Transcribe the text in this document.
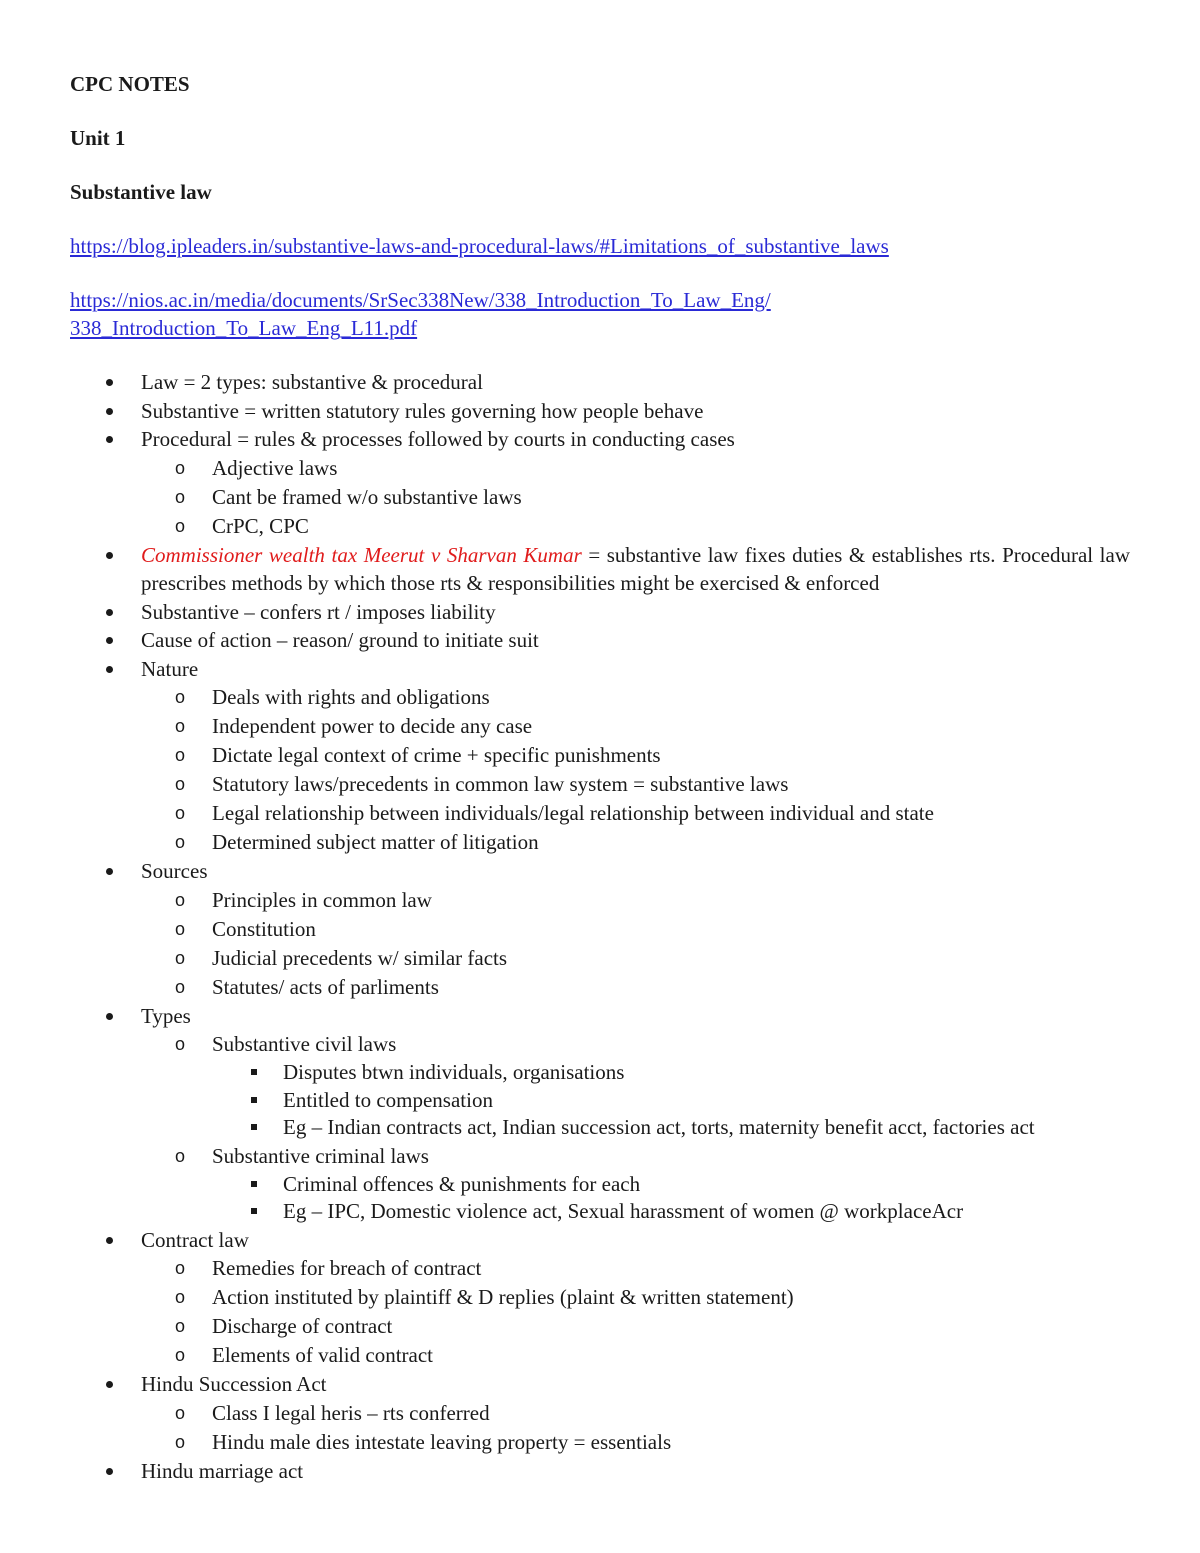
CPC NOTES

Unit 1

Substantive law

https://blog.ipleaders.in/substantive-laws-and-procedural-laws/#Limitations_of_substantive_laws
https://nios.ac.in/media/documents/SrSec338New/338_Introduction_To_Law_Eng/
338_Introduction_To_Law_Eng_L11.pdf
Law = 2 types: substantive & procedural
Substantive = written statutory rules governing how people behave
Procedural = rules & processes followed by courts in conducting cases
o Adjective laws
o Cant be framed w/o substantive laws
o CrPC, CPC
Commissioner wealth tax Meerut v Sharvan Kumar = substantive law fixes duties & establishes rts. Procedural law prescribes methods by which those rts & responsibilities might be exercised & enforced
Substantive – confers rt / imposes liability
Cause of action – reason/ ground to initiate suit
Nature
o Deals with rights and obligations
o Independent power to decide any case
o Dictate legal context of crime + specific punishments
o Statutory laws/precedents in common law system = substantive laws
o Legal relationship between individuals/legal relationship between individual and state
o Determined subject matter of litigation
Sources
o Principles in common law
o Constitution
o Judicial precedents w/ similar facts
o Statutes/ acts of parliments
Types
o Substantive civil laws
Disputes btwn individuals, organisations
Entitled to compensation
Eg – Indian contracts act, Indian succession act, torts, maternity benefit acct, factories act
o Substantive criminal laws
Criminal offences & punishments for each
Eg – IPC, Domestic violence act, Sexual harassment of women @ workplaceAcr
Contract law
o Remedies for breach of contract
o Action instituted by plaintiff & D replies (plaint & written statement)
o Discharge of contract
o Elements of valid contract
Hindu Succession Act
o Class I legal heris – rts conferred
o Hindu male dies intestate leaving property = essentials
Hindu marriage act
